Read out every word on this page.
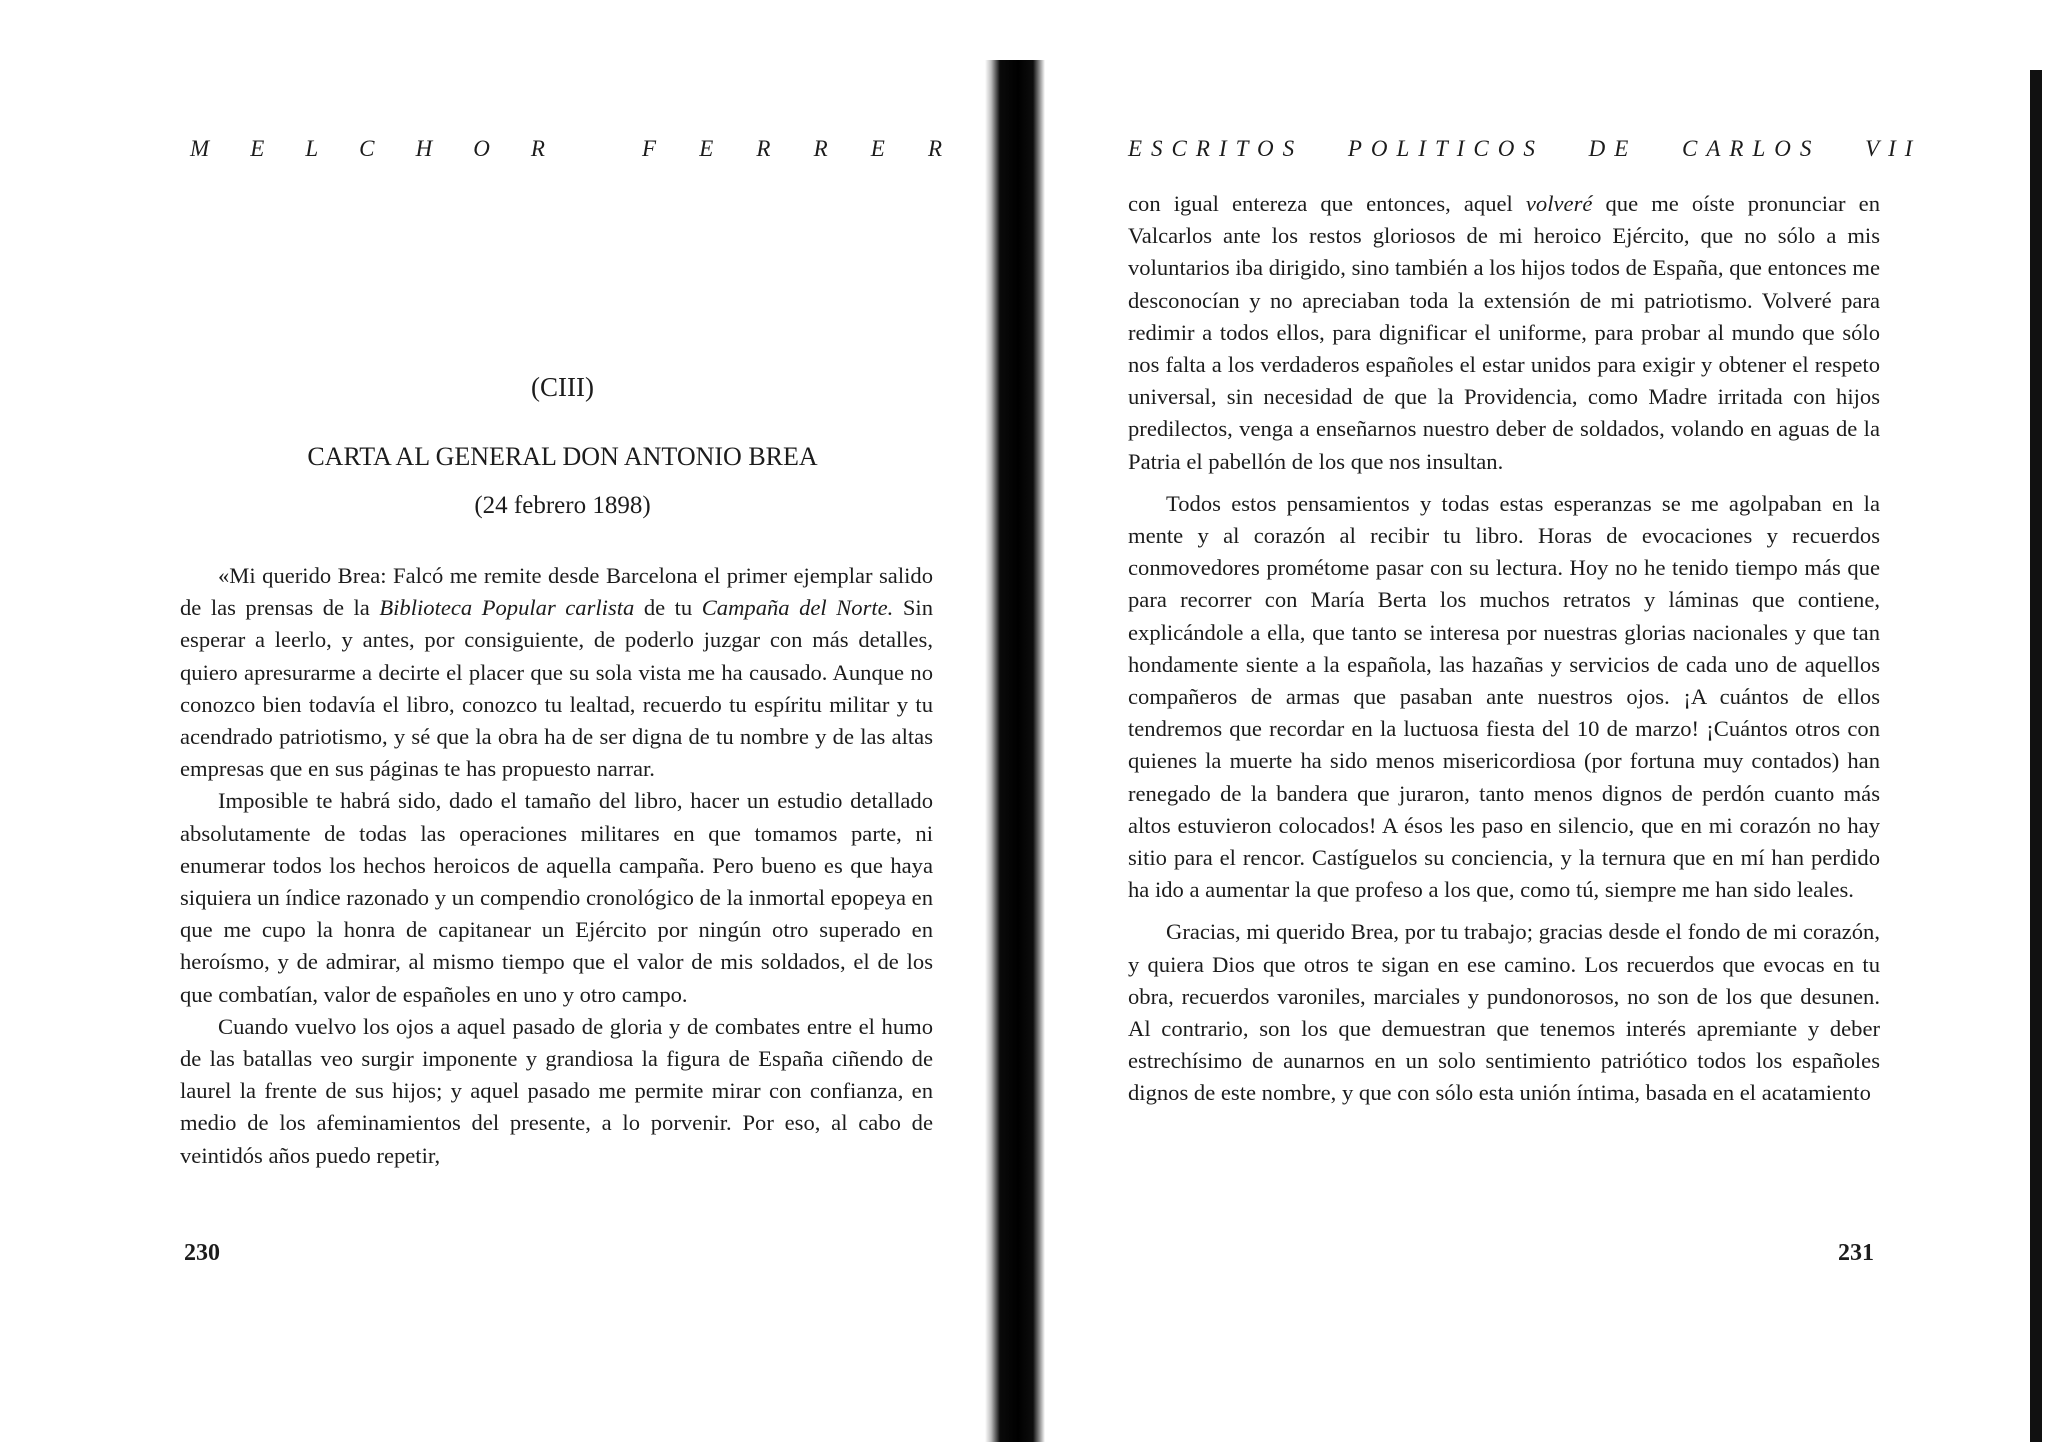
M E L C H O R	F E R R E R
(CIII)
CARTA AL GENERAL DON ANTONIO BREA
(24 febrero 1898)

«Mi querido Brea: Falcó me remite desde Barcelona el primer ejemplar salido de las prensas de la Biblioteca Popular carlista de tu Campaña del Norte. Sin esperar a leerlo, y antes, por consiguiente, de poderlo juzgar con más detalles, quiero apresurarme a decirte el placer que su sola vista me ha causado. Aunque no conozco bien todavía el libro, conozco tu lealtad, recuerdo tu espíritu militar y tu acendrado patriotismo, y sé que la obra ha de ser digna de tu nombre y de las altas empresas que en sus páginas te has propuesto narrar.

Imposible te habrá sido, dado el tamaño del libro, hacer un estudio detallado absolutamente de todas las operaciones militares en que tomamos parte, ni enumerar todos los hechos heroicos de aquella campaña. Pero bueno es que haya siquiera un índice razonado y un compendio cronológico de la inmortal epopeya en que me cupo la honra de capitanear un Ejército por ningún otro superado en heroísmo, y de admirar, al mismo tiempo que el valor de mis soldados, el de los que combatían, valor de españoles en uno y otro campo.

Cuando vuelvo los ojos a aquel pasado de gloria y de combates entre el humo de las batallas veo surgir imponente y grandiosa la figura de España ciñendo de laurel la frente de sus hijos; y aquel pasado me permite mirar con confianza, en medio de los afeminamientos del presente, a lo porvenir. Por eso, al cabo de veintidós años puedo repetir,

230
ESCRITOS POLITICOS DE CARLOS VII

con igual entereza que entonces, aquel volveré que me oíste pronunciar en Valcarlos ante los restos gloriosos de mi heroico Ejército, que no sólo a mis voluntarios iba dirigido, sino también a los hijos todos de España, que entonces me desconocían y no apreciaban toda la extensión de mi patriotismo. Volveré para redimir a todos ellos, para dignificar el uniforme, para probar al mundo que sólo nos falta a los verdaderos españoles el estar unidos para exigir y obtener el respeto universal, sin necesidad de que la Providencia, como Madre irritada con hijos predilectos, venga a enseñarnos nuestro deber de soldados, volando en aguas de la Patria el pabellón de los que nos insultan.

Todos estos pensamientos y todas estas esperanzas se me agolpaban en la mente y al corazón al recibir tu libro. Horas de evocaciones y recuerdos conmovedores prométome pasar con su lectura. Hoy no he tenido tiempo más que para recorrer con María Berta los muchos retratos y láminas que contiene, explicándole a ella, que tanto se interesa por nuestras glorias nacionales y que tan hondamente siente a la española, las hazañas y servicios de cada uno de aquellos compañeros de armas que pasaban ante nuestros ojos. ¡A cuántos de ellos tendremos que recordar en la luctuosa fiesta del 10 de marzo! ¡Cuántos otros con quienes la muerte ha sido menos misericordiosa (por fortuna muy contados) han renegado de la bandera que juraron, tanto menos dignos de perdón cuanto más altos estuvieron colocados! A ésos les paso en silencio, que en mi corazón no hay sitio para el rencor. Castíguelos su conciencia, y la ternura que en mí han perdido ha ido a aumentar la que profeso a los que, como tú, siempre me han sido leales.

Gracias, mi querido Brea, por tu trabajo; gracias desde el fondo de mi corazón, y quiera Dios que otros te sigan en ese camino. Los recuerdos que evocas en tu obra, recuerdos varoniles, marciales y pundonorosos, no son de los que desunen. Al contrario, son los que demuestran que tenemos interés apremiante y deber estrechísimo de aunarnos en un solo sentimiento patriótico todos los españoles dignos de este nombre, y que con sólo esta unión íntima, basada en el acatamiento

231
